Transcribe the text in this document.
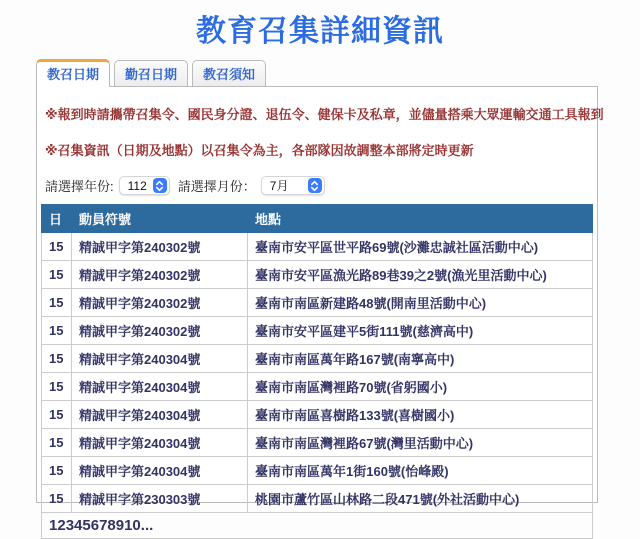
教育召集詳細資訊
教召日期	勤召日期	教召須知

※報到時請攜帶召集令、國民身分證、退伍令、健保卡及私章，並儘量搭乘大眾運輸交通工具報到

※召集資訊（日期及地點）以召集令為主，各部隊因故調整本部將定時更新

請選擇年份: 112 請選擇月份： 7月
日	動員符號	地點
15	精誠甲字第240302號	臺南市安平區世平路69號(沙灘忠誠社區活動中心)
15	精誠甲字第240302號	臺南市安平區漁光路89巷39之2號(漁光里活動中心)
15	精誠甲字第240302號	臺南市南區新建路48號(開南里活動中心)
15	精誠甲字第240302號	臺南市安平區建平5街111號(慈濟高中)
15	精誠甲字第240304號	臺南市南區萬年路167號(南寧高中)
15	精誠甲字第240304號	臺南市南區灣裡路70號(省躬國小)
15	精誠甲字第240304號	臺南市南區喜樹路133號(喜樹國小)
15	精誠甲字第240304號	臺南市南區灣裡路67號(灣里活動中心)
15	精誠甲字第240304號	臺南市南區萬年1街160號(怡峰殿)
15	精誠甲字第230303號	桃園市蘆竹區山林路二段471號(外社活動中心)

1 2 3 4 5 6 7 8 9 10 ...
